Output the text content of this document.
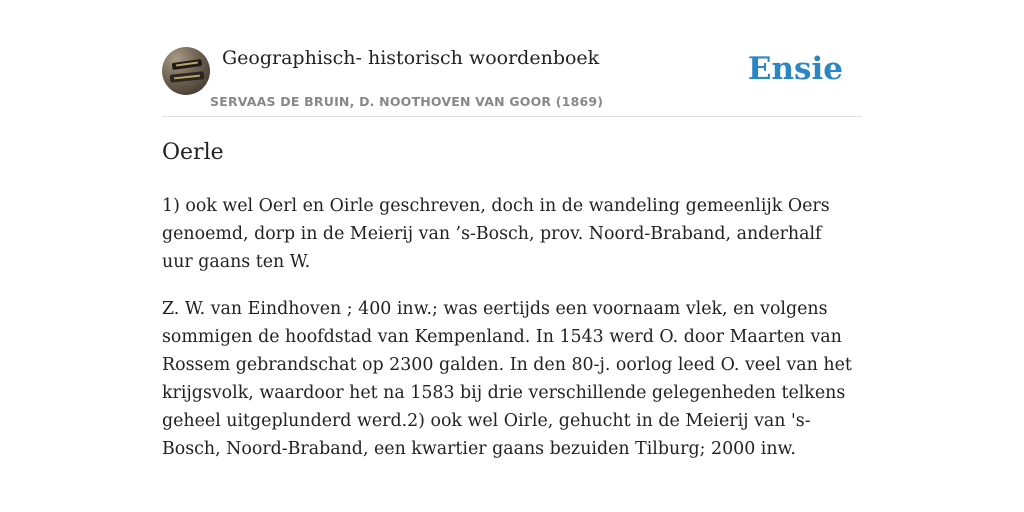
Geographisch- historisch woordenboek
SERVAAS DE BRUIN, D. NOOTHOVEN VAN GOOR (1869)
Ensie
Oerle

1) ook wel Oerl en Oirle geschreven, doch in de wandeling gemeenlijk Oers genoemd, dorp in de Meierij van ’s-Bosch, prov. Noord-Braband, anderhalf uur gaans ten W.

Z. W. van Eindhoven ; 400 inw.; was eertijds een voornaam vlek, en volgens sommigen de hoofdstad van Kempenland. In 1543 werd O. door Maarten van Rossem gebrandschat op 2300 galden. In den 80-j. oorlog leed O. veel van het krijgsvolk, waardoor het na 1583 bij drie verschillende gelegenheden telkens geheel uitgeplunderd werd.2) ook wel Oirle, gehucht in de Meierij van 's-Bosch, Noord-Braband, een kwartier gaans bezuiden Tilburg; 2000 inw.
